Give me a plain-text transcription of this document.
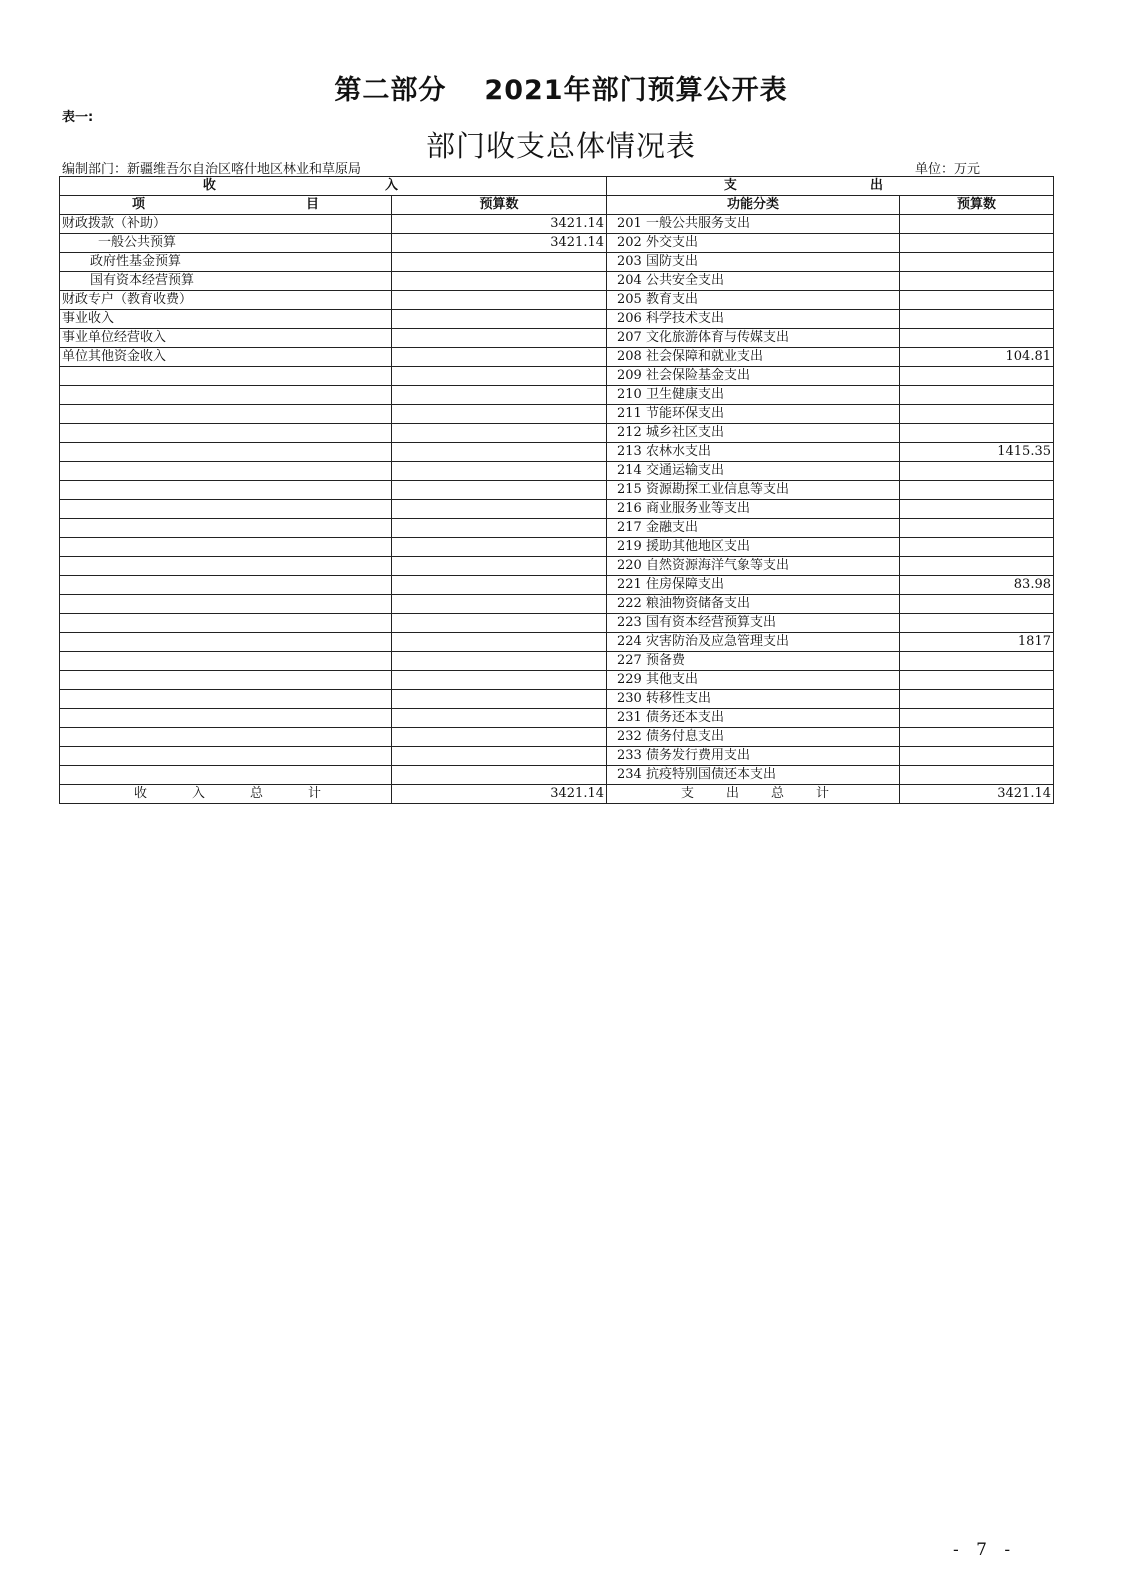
第二部分 2021年部门预算公开表
表一:
部门收支总体情况表
编制部门：新疆维吾尔自治区喀什地区林业和草原局	单位：万元
收 入		支 出	

项 目	预算数	功能分类	预算数
财政拨款（补助）	3421.14	201 一般公共服务支出	
一般公共预算	3421.14	202 外交支出	
政府性基金预算		203 国防支出	
国有资本经营预算		204 公共安全支出	
财政专户（教育收费）		205 教育支出	
事业收入		206 科学技术支出	
事业单位经营收入		207 文化旅游体育与传媒支出	
单位其他资金收入		208 社会保障和就业支出	104.81
		209 社会保险基金支出	
		210 卫生健康支出	
		211 节能环保支出	
		212 城乡社区支出	
		213 农林水支出	1415.35
		214 交通运输支出	
		215 资源勘探工业信息等支出	
		216 商业服务业等支出	
		217 金融支出	
		219 援助其他地区支出	
		220 自然资源海洋气象等支出	
		221 住房保障支出	83.98
		222 粮油物资储备支出	
		223 国有资本经营预算支出	
		224 灾害防治及应急管理支出	1817
		227 预备费	
		229 其他支出	
		230 转移性支出	
		231 债务还本支出	
		232 债务付息支出	
		233 债务发行费用支出	
		234 抗疫特别国债还本支出	

收 入 总 计	3421.14	支 出 总 计	3421.14
- 7 -
